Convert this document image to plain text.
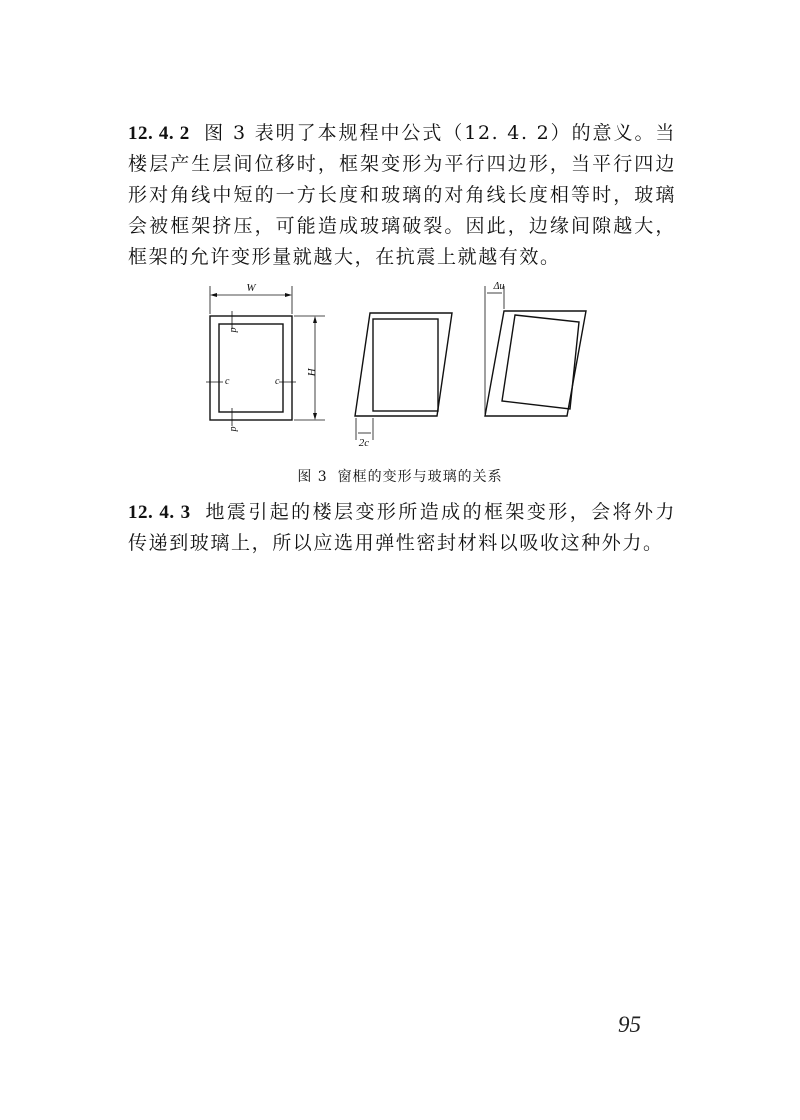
12. 4. 2 图 3 表明了本规程中公式（12. 4. 2）的意义。当楼层产生层间位移时，框架变形为平行四边形，当平行四边形对角线中短的一方长度和玻璃的对角线长度相等时，玻璃会被框架挤压，可能造成玻璃破裂。因此，边缘间隙越大，框架的允许变形量就越大，在抗震上就越有效。

W
H
d
d
c	c
2c
Δu
图 3 窗框的变形与玻璃的关系

12. 4. 3 地震引起的楼层变形所造成的框架变形，会将外力传递到玻璃上，所以应选用弹性密封材料以吸收这种外力。

95
